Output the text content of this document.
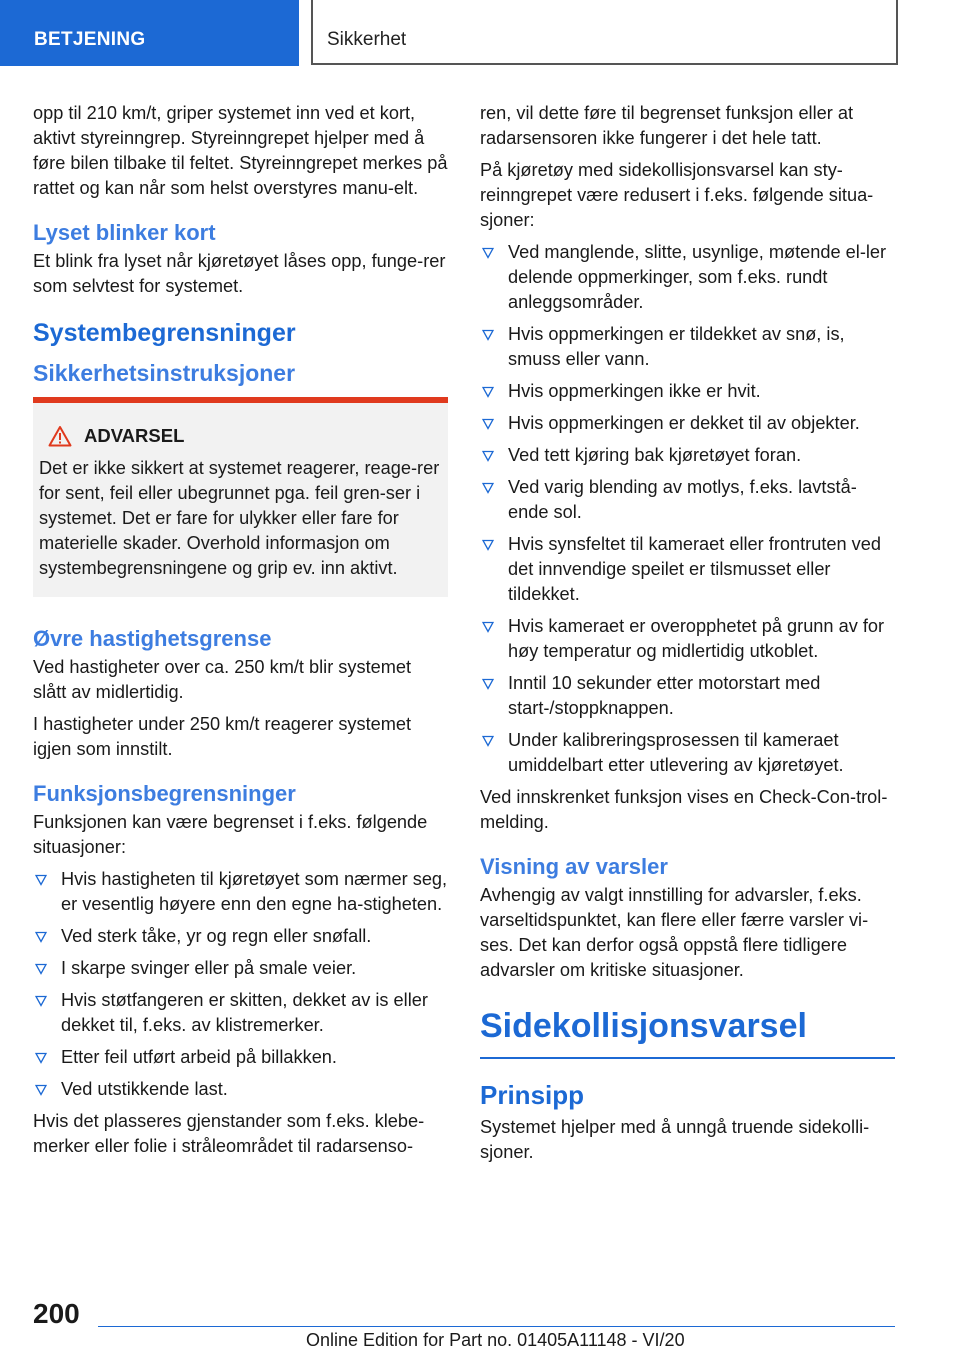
BETJENING	Sikkerhet

opp til 210 km/t, griper systemet inn ved et kort, aktivt styreinngrep. Styreinngrepet hjelper med å føre bilen tilbake til feltet. Styreinngrepet merkes på rattet og kan når som helst overstyres manu-elt.

Lyset blinker kort

Et blink fra lyset når kjøretøyet låses opp, funge-rer som selvtest for systemet.

Systembegrensninger
Sikkerhetsinstruksjoner
ADVARSEL

Det er ikke sikkert at systemet reagerer, reage-rer for sent, feil eller ubegrunnet pga. feil gren-ser i systemet. Det er fare for ulykker eller fare for materielle skader. Overhold informasjon om systembegrensningene og grip ev. inn aktivt.

Øvre hastighetsgrense

Ved hastigheter over ca. 250 km/t blir systemet slått av midlertidig.

I hastigheter under 250 km/t reagerer systemet igjen som innstilt.

Funksjonsbegrensninger

Funksjonen kan være begrenset i f.eks. følgende situasjoner:

Hvis hastigheten til kjøretøyet som nærmer seg, er vesentlig høyere enn den egne ha-stigheten.
Ved sterk tåke, yr og regn eller snøfall.
I skarpe svinger eller på smale veier.
Hvis støtfangeren er skitten, dekket av is eller dekket til, f.eks. av klistremerker.
Etter feil utført arbeid på billakken.
Ved utstikkende last.

Hvis det plasseres gjenstander som f.eks. klebe-merker eller folie i stråleområdet til radarsenso-

ren, vil dette føre til begrenset funksjon eller at radarsensoren ikke fungerer i det hele tatt.

På kjøretøy med sidekollisjonsvarsel kan sty-reinngrepet være redusert i f.eks. følgende situa-sjoner:

Ved manglende, slitte, usynlige, møtende el-ler delende oppmerkinger, som f.eks. rundt anleggsområder.
Hvis oppmerkingen er tildekket av snø, is, smuss eller vann.
Hvis oppmerkingen ikke er hvit.
Hvis oppmerkingen er dekket til av objekter.
Ved tett kjøring bak kjøretøyet foran.
Ved varig blending av motlys, f.eks. lavtstå-ende sol.
Hvis synsfeltet til kameraet eller frontruten ved det innvendige speilet er tilsmusset eller tildekket.
Hvis kameraet er overopphetet på grunn av for høy temperatur og midlertidig utkoblet.
Inntil 10 sekunder etter motorstart med start-/stoppknappen.
Under kalibreringsprosessen til kameraet umiddelbart etter utlevering av kjøretøyet.

Ved innskrenket funksjon vises en Check-Con-trol-melding.

Visning av varsler

Avhengig av valgt innstilling for advarsler, f.eks. varseltidspunktet, kan flere eller færre varsler vi-ses. Det kan derfor også oppstå flere tidligere advarsler om kritiske situasjoner.

Sidekollisjonsvarsel
Prinsipp

Systemet hjelper med å unngå truende sidekolli-sjoner.

200
Online Edition for Part no. 01405A11148 - VI/20
